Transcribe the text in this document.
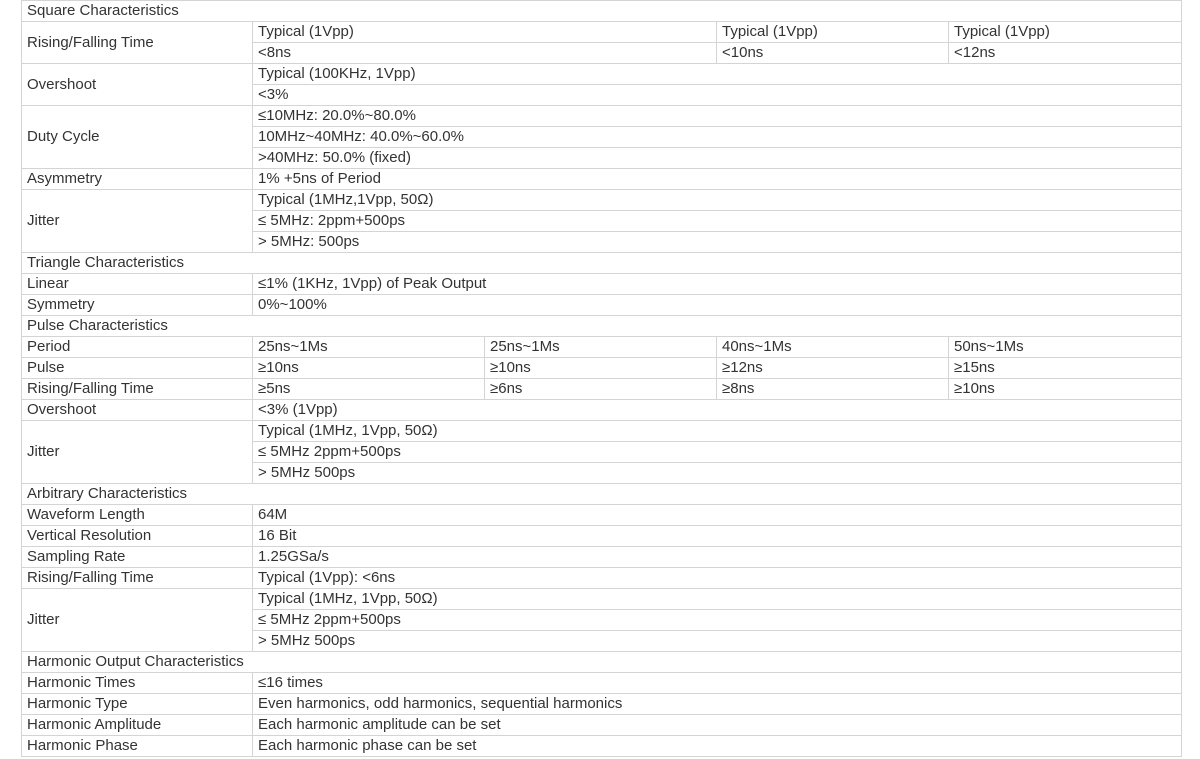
Square Characteristics				
Rising/Falling Time	Typical (1Vpp)		Typical (1Vpp)	Typical (1Vpp)
	<8ns		<10ns	<12ns
Overshoot	Typical (100KHz, 1Vpp)			
	<3%			
Duty Cycle	≤10MHz: 20.0%~80.0%			
	10MHz~40MHz: 40.0%~60.0%			
	>40MHz: 50.0% (fixed)			
Asymmetry	1% +5ns of Period			
Jitter	Typical (1MHz,1Vpp, 50Ω)			
	≤ 5MHz: 2ppm+500ps			
	> 5MHz: 500ps			
Triangle Characteristics				
Linear	≤1% (1KHz, 1Vpp) of Peak Output			
Symmetry	0%~100%			
Pulse Characteristics				
Period	25ns~1Ms	25ns~1Ms	40ns~1Ms	50ns~1Ms
Pulse	≥10ns	≥10ns	≥12ns	≥15ns
Rising/Falling Time	≥5ns	≥6ns	≥8ns	≥10ns
Overshoot	<3% (1Vpp)			
Jitter	Typical (1MHz, 1Vpp, 50Ω)			
	≤ 5MHz 2ppm+500ps			
	> 5MHz 500ps			
Arbitrary Characteristics				
Waveform Length	64M			
Vertical Resolution	16 Bit			
Sampling Rate	1.25GSa/s			
Rising/Falling Time	Typical (1Vpp): <6ns			
Jitter	Typical (1MHz, 1Vpp, 50Ω)			
	≤ 5MHz 2ppm+500ps			
	> 5MHz 500ps			
Harmonic Output Characteristics				
Harmonic Times	≤16 times			
Harmonic Type	Even harmonics, odd harmonics, sequential harmonics			
Harmonic Amplitude	Each harmonic amplitude can be set			
Harmonic Phase	Each harmonic phase can be set			
